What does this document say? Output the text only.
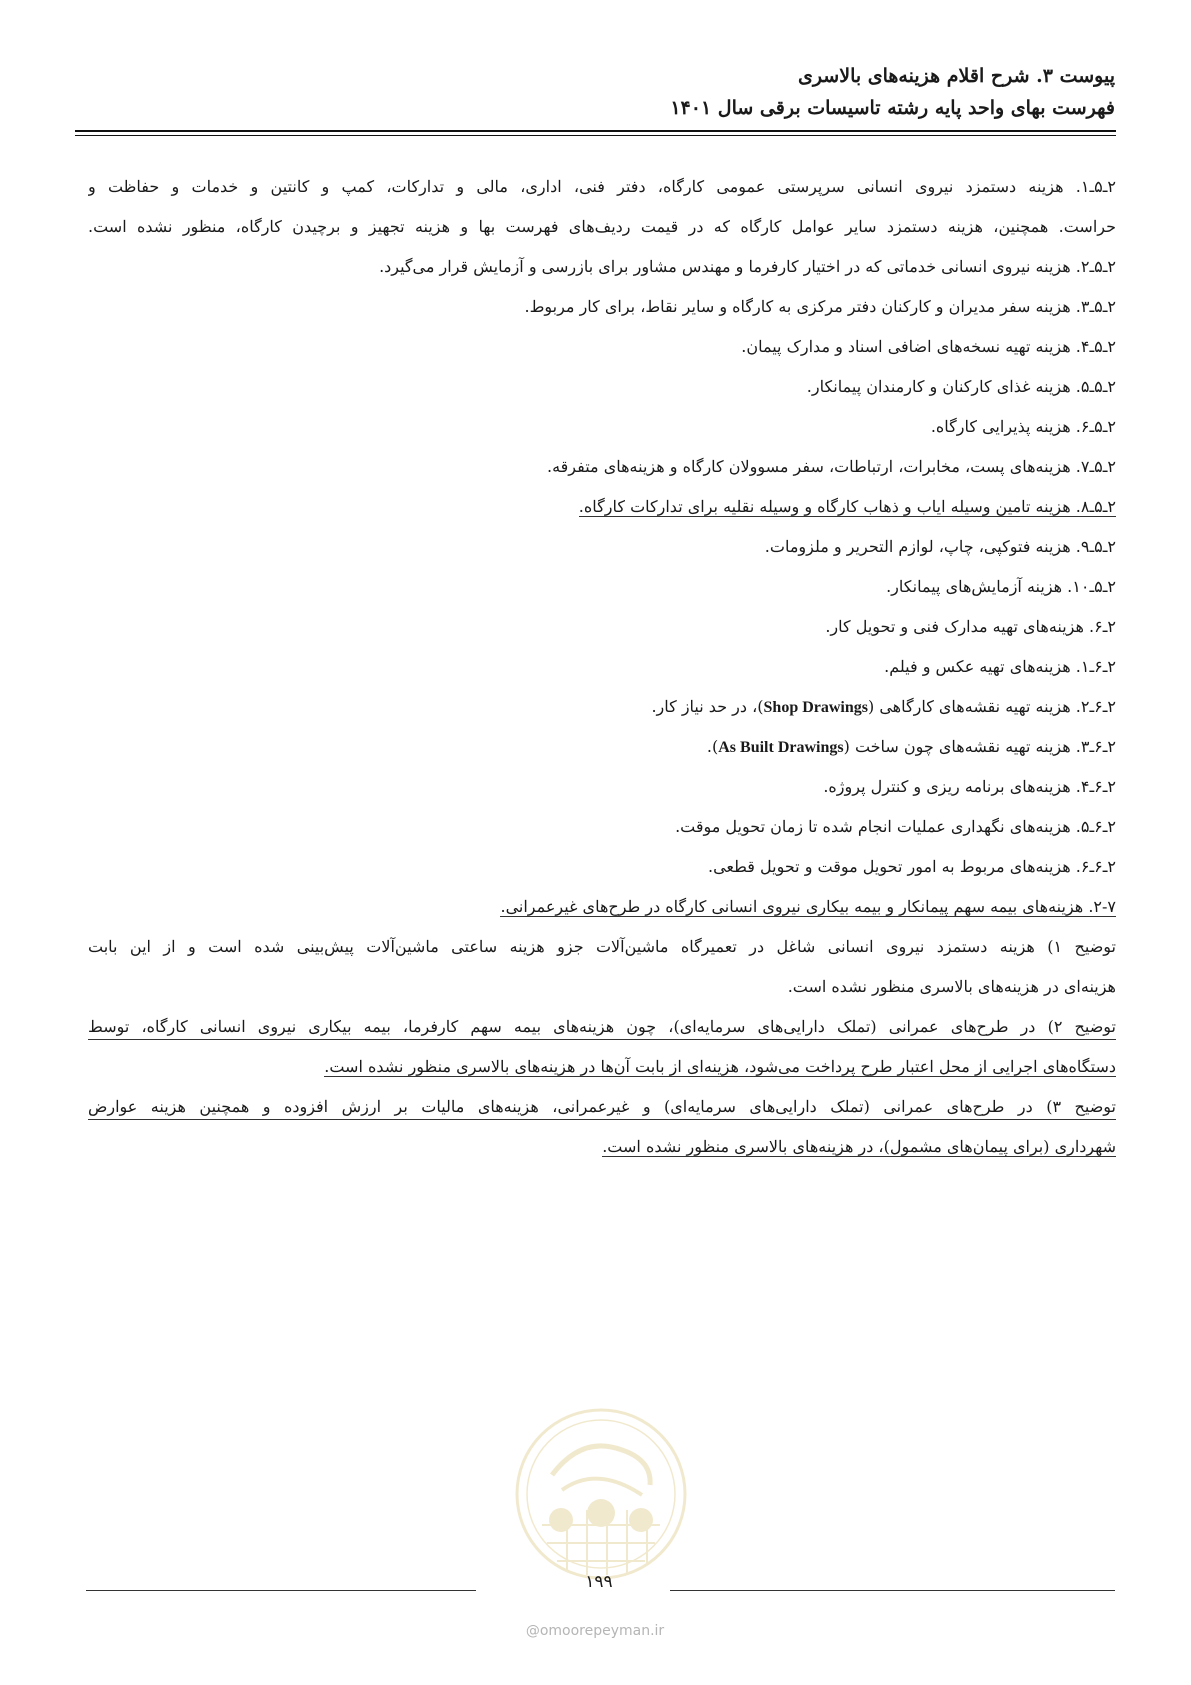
پیوست ۳. شرح اقلام هزینه‌های بالاسری
فهرست بهای واحد پایه رشته تاسیسات برقی سال ۱۴۰۱
۲ـ۵ـ۱. هزینه دستمزد نیروی انسانی سرپرستی عمومی کارگاه، دفتر فنی، اداری، مالی و تدارکات، کمپ و کانتین و خدمات و حفاظت و
حراست. همچنین، هزینه دستمزد سایر عوامل کارگاه که در قیمت ردیف‌های فهرست بها و هزینه تجهیز و برچیدن کارگاه، منظور نشده است.
۲ـ۵ـ۲. هزینه نیروی انسانی خدماتی که در اختیار کارفرما و مهندس مشاور برای بازرسی و آزمایش قرار می‌گیرد.
۲ـ۵ـ۳. هزینه سفر مدیران و کارکنان دفتر مرکزی به کارگاه و سایر نقاط، برای کار مربوط.
۲ـ۵ـ۴. هزینه تهیه نسخه‌های اضافی اسناد و مدارک پیمان.
۲ـ۵ـ۵. هزینه غذای کارکنان و کارمندان پیمانکار.
۲ـ۵ـ۶. هزینه پذیرایی کارگاه.
۲ـ۵ـ۷. هزینه‌های پست، مخابرات، ارتباطات، سفر مسوولان کارگاه و هزینه‌های متفرقه.
۲ـ۵ـ۸. هزینه تامین وسیله ایاب و ذهاب کارگاه و وسیله نقلیه برای تدارکات کارگاه.
۲ـ۵ـ۹. هزینه فتوکپی، چاپ، لوازم التحریر و ملزومات.
۲ـ۵ـ۱۰. هزینه آزمایش‌های پیمانکار.
۲ـ۶. هزینه‌های تهیه مدارک فنی و تحویل کار.
۲ـ۶ـ۱. هزینه‌های تهیه عکس و فیلم.
۲ـ۶ـ۲. هزینه تهیه نقشه‌های کارگاهی (Shop Drawings)، در حد نیاز کار.
۲ـ۶ـ۳. هزینه تهیه نقشه‌های چون ساخت (As Built Drawings).
۲ـ۶ـ۴. هزینه‌های برنامه ریزی و کنترل پروژه.
۲ـ۶ـ۵. هزینه‌های نگهداری عملیات انجام شده تا زمان تحویل موقت.
۲ـ۶ـ۶. هزینه‌های مربوط به امور تحویل موقت و تحویل قطعی.
۲-۷. هزینه‌های بیمه سهم پیمانکار و بیمه بیکاری نیروی انسانی کارگاه در طرح‌های غیرعمرانی.
توضیح ۱) هزینه دستمزد نیروی انسانی شاغل در تعمیرگاه ماشین‌آلات جزو هزینه ساعتی ماشین‌آلات پیش‌بینی شده است و از این بابت
هزینه‌ای در هزینه‌های بالاسری منظور نشده است.
توضیح ۲) در طرح‌های عمرانی (تملک دارایی‌های سرمایه‌ای)، چون هزینه‌های بیمه سهم کارفرما، بیمه بیکاری نیروی انسانی کارگاه، توسط
دستگاه‌های اجرایی از محل اعتبار طرح پرداخت می‌شود، هزینه‌ای از بابت آن‌ها در هزینه‌های بالاسری منظور نشده است.
توضیح ۳) در طرح‌های عمرانی (تملک دارایی‌های سرمایه‌ای) و غیرعمرانی، هزینه‌های مالیات بر ارزش افزوده و همچنین هزینه عوارض
شهرداری (برای پیمان‌های مشمول)، در هزینه‌های بالاسری منظور نشده است.
۱۹۹
@omoorepeyman.ir
